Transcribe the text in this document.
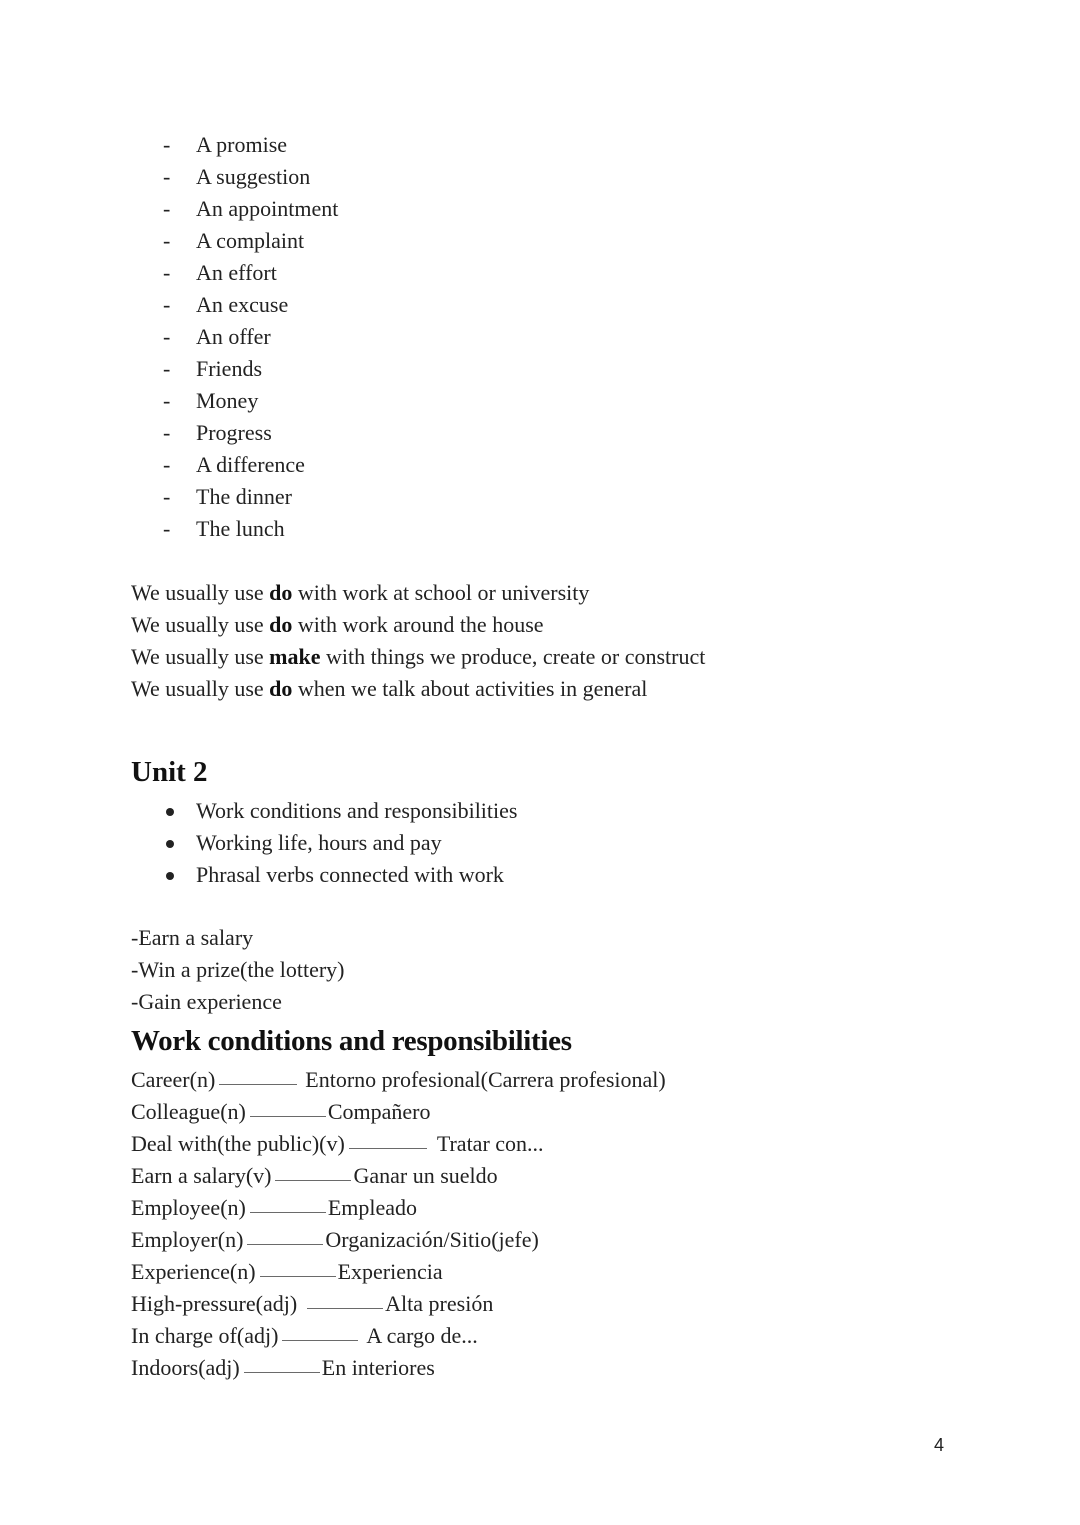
- A promise
- A suggestion
- An appointment
- A complaint
- An effort
- An excuse
- An offer
- Friends
- Money
- Progress
- A difference
- The dinner
- The lunch

We usually use do with work at school or university

We usually use do with work around the house

We usually use make with things we produce, create or construct

We usually use do when we talk about activities in general

Unit 2
Work conditions and responsibilities
Working life, hours and pay
Phrasal verbs connected with work

-Earn a salary

-Win a prize(the lottery)

-Gain experience

Work conditions and responsibilities
Career(n)	Entorno profesional(Carrera profesional)
Colleague(n)	Compañero
Deal with(the public)(v)	Tratar con...
Earn a salary(v)	Ganar un sueldo
Employee(n)	Empleado
Employer(n)	Organización/Sitio(jefe)
Experience(n)	Experiencia
High-pressure(adj)	Alta presión
In charge of(adj)	A cargo de...
Indoors(adj)	En interiores
4
